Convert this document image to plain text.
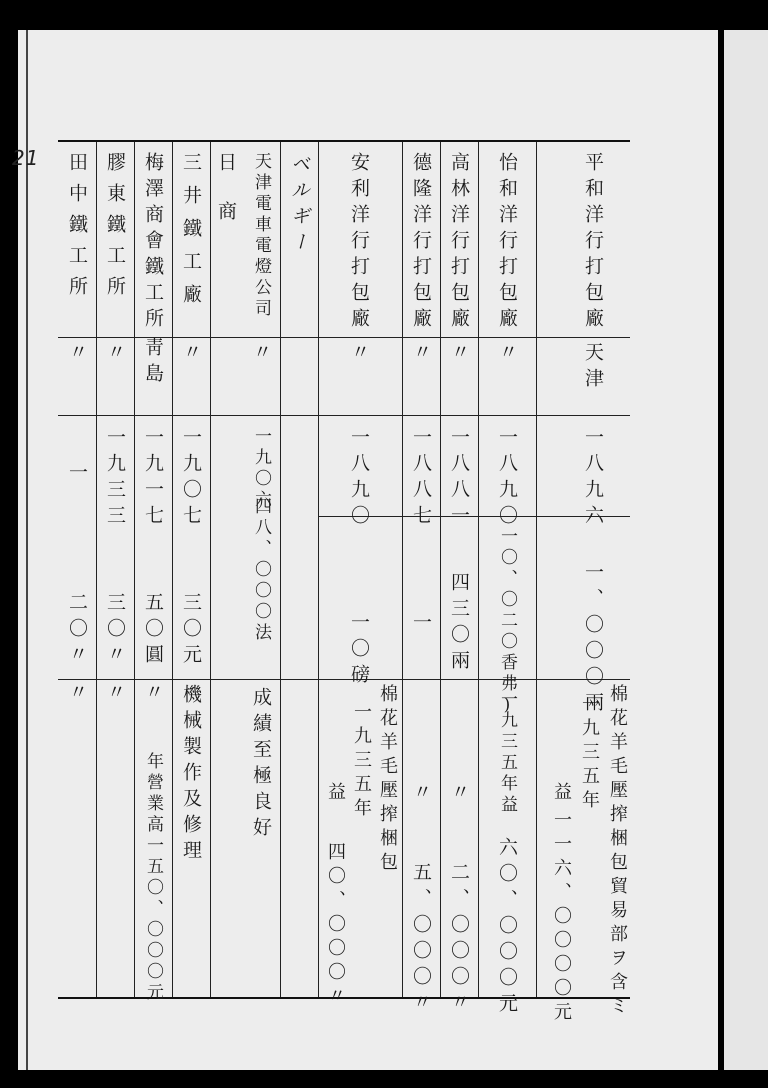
21	平和洋行打包廠
天津
一八九六
一、〇〇〇兩
棉花羊毛壓搾梱包貿易部ヲ含ミ
一九三五年
益
一一六、〇〇〇〇元
怡和洋行打包廠
〃
一八九〇
一〇、〇二〇香弗)
一九三五年益
六〇、〇〇〇元
高林洋行打包廠
〃
一八八一
四三〇兩
〃
二、〇〇〇〃
德隆洋行打包廠
〃
一八八七
一
〃
五、〇〇〇〃
安利洋行打包廠
〃
一八九〇
一〇磅
棉花羊毛壓搾梱包
一九三五年
益
四〇、〇〇〇〃
ベルギー
天津電車電燈公司
〃
一九〇六
四八、〇〇〇法
成績至極良好
日商
三井鐵工廠
〃
一九〇七
三〇元
機械製作及修理
梅澤商會鐵工所
靑島
一九一七
五〇圓
〃
年營業高一五〇、〇〇〇元
膠東鐵工所
〃
一九三三
三〇〃
〃
田中鐵工所
〃
一
二〇〃
〃
